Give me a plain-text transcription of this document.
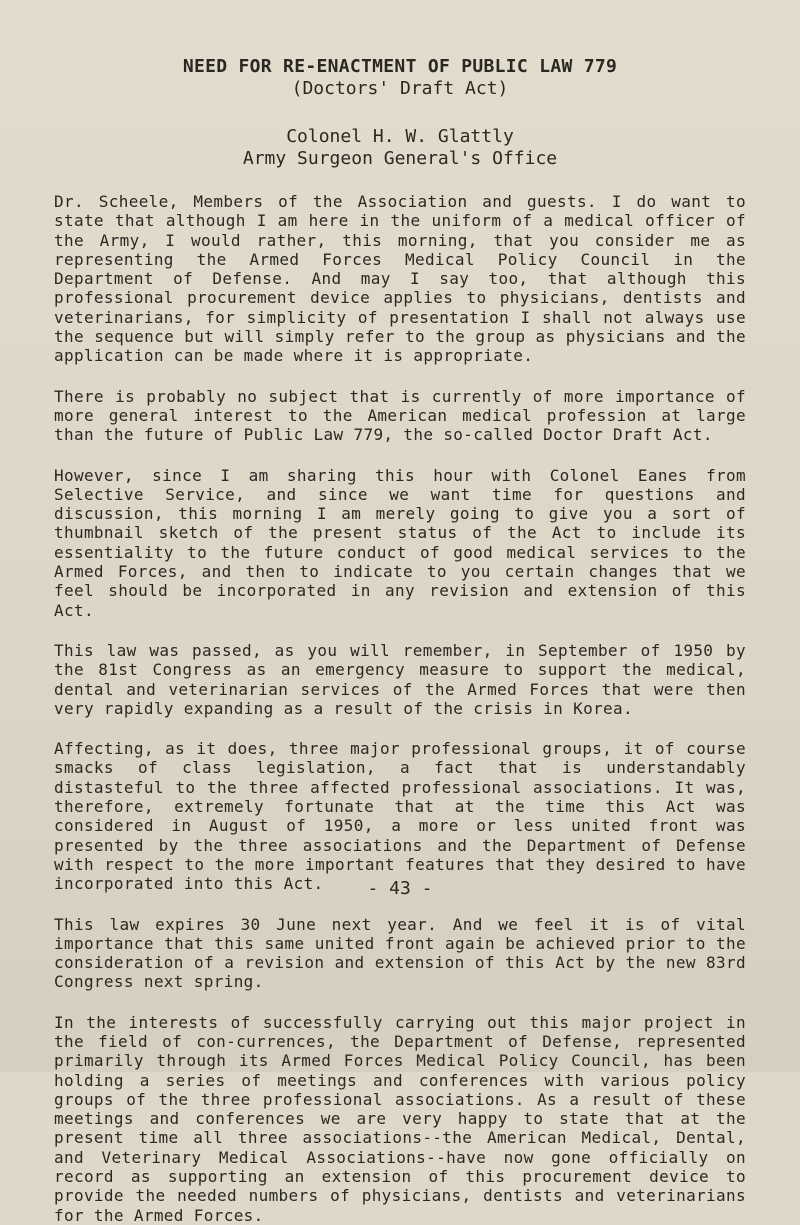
NEED FOR RE-ENACTMENT OF PUBLIC LAW 779
(Doctors' Draft Act)
Colonel H. W. Glattly
Army Surgeon General's Office

Dr. Scheele, Members of the Association and guests. I do want to state that although I am here in the uniform of a medical officer of the Army, I would rather, this morning, that you consider me as representing the Armed Forces Medical Policy Council in the Department of Defense. And may I say too, that although this professional procurement device applies to physicians, dentists and veterinarians, for simplicity of presentation I shall not always use the sequence but will simply refer to the group as physicians and the application can be made where it is appropriate.

There is probably no subject that is currently of more importance of more general interest to the American medical profession at large than the future of Public Law 779, the so-called Doctor Draft Act.

However, since I am sharing this hour with Colonel Eanes from Selective Service, and since we want time for questions and discussion, this morning I am merely going to give you a sort of thumbnail sketch of the present status of the Act to include its essentiality to the future conduct of good medical services to the Armed Forces, and then to indicate to you certain changes that we feel should be incorporated in any revision and extension of this Act.

This law was passed, as you will remember, in September of 1950 by the 81st Congress as an emergency measure to support the medical, dental and veterinarian services of the Armed Forces that were then very rapidly expanding as a result of the crisis in Korea.

Affecting, as it does, three major professional groups, it of course smacks of class legislation, a fact that is understandably distasteful to the three affected professional associations. It was, therefore, extremely fortunate that at the time this Act was considered in August of 1950, a more or less united front was presented by the three associations and the Department of Defense with respect to the more important features that they desired to have incorporated into this Act.

This law expires 30 June next year. And we feel it is of vital importance that this same united front again be achieved prior to the consideration of a revision and extension of this Act by the new 83rd Congress next spring.

In the interests of successfully carrying out this major project in the field of con-currences, the Department of Defense, represented primarily through its Armed Forces Medical Policy Council, has been holding a series of meetings and conferences with various policy groups of the three professional associations. As a result of these meetings and conferences we are very happy to state that at the present time all three associations--the American Medical, Dental, and Veterinary Medical Associations--have now gone officially on record as supporting an extension of this procurement device to provide the needed numbers of physicians, dentists and veterinarians for the Armed Forces.

- 43 -
